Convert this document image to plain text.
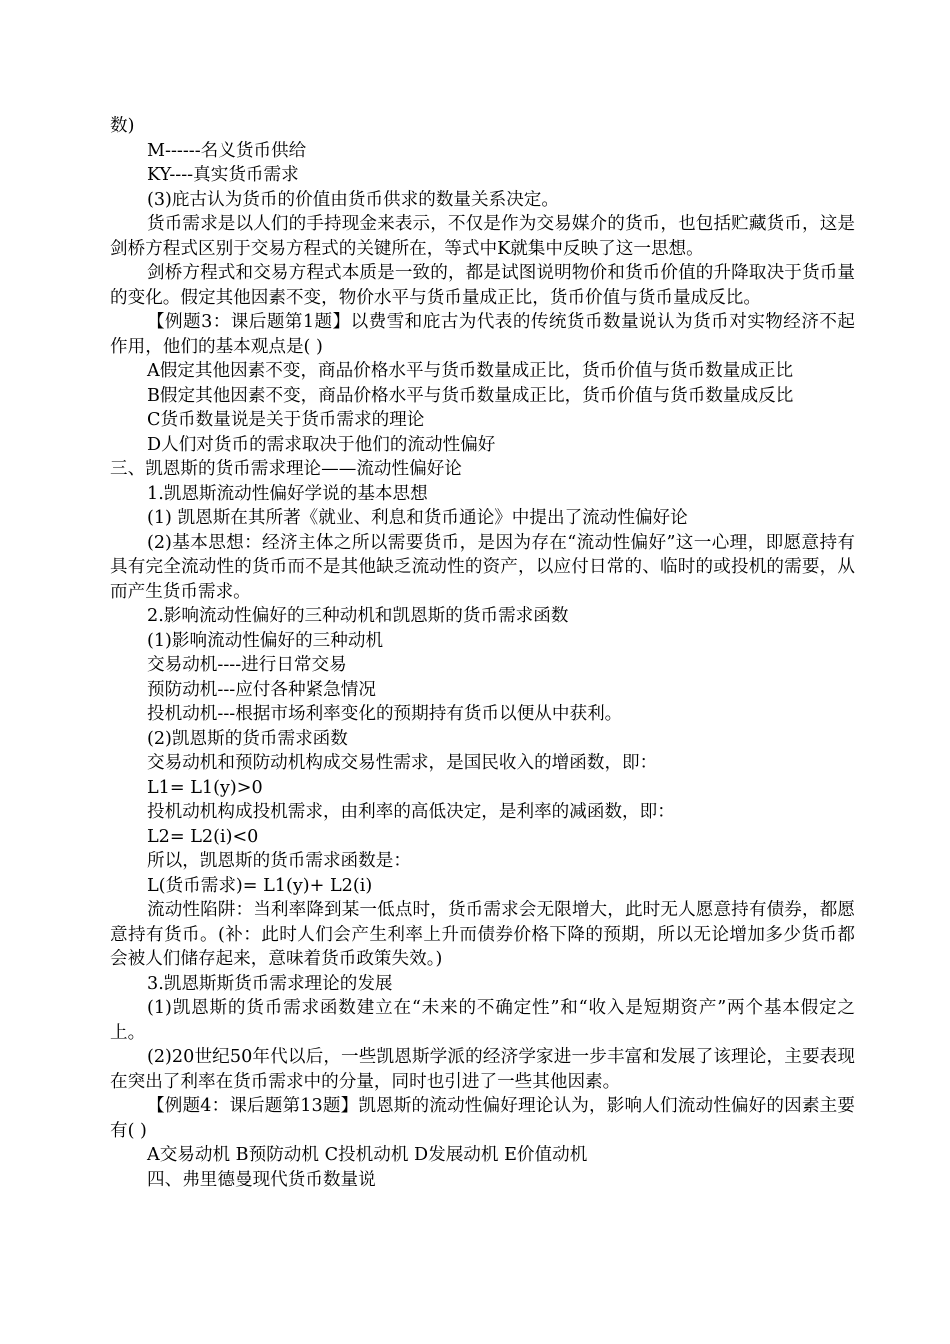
数)

M------名义货币供给

KY----真实货币需求

(3)庇古认为货币的价值由货币供求的数量关系决定。

货币需求是以人们的手持现金来表示，不仅是作为交易媒介的货币，也包括贮藏货币，这是剑桥方程式区别于交易方程式的关键所在，等式中K就集中反映了这一思想。

剑桥方程式和交易方程式本质是一致的，都是试图说明物价和货币价值的升降取决于货币量的变化。假定其他因素不变，物价水平与货币量成正比，货币价值与货币量成反比。

【例题3：课后题第1题】以费雪和庇古为代表的传统货币数量说认为货币对实物经济不起作用，他们的基本观点是( )

A假定其他因素不变，商品价格水平与货币数量成正比，货币价值与货币数量成正比

B假定其他因素不变，商品价格水平与货币数量成正比，货币价值与货币数量成反比

C货币数量说是关于货币需求的理论

D人们对货币的需求取决于他们的流动性偏好

三、凯恩斯的货币需求理论——流动性偏好论

1.凯恩斯流动性偏好学说的基本思想

(1) 凯恩斯在其所著《就业、利息和货币通论》中提出了流动性偏好论

(2)基本思想：经济主体之所以需要货币，是因为存在“流动性偏好”这一心理，即愿意持有具有完全流动性的货币而不是其他缺乏流动性的资产，以应付日常的、临时的或投机的需要，从而产生货币需求。

2.影响流动性偏好的三种动机和凯恩斯的货币需求函数

(1)影响流动性偏好的三种动机

交易动机----进行日常交易

预防动机---应付各种紧急情况

投机动机---根据市场利率变化的预期持有货币以便从中获利。

(2)凯恩斯的货币需求函数

交易动机和预防动机构成交易性需求，是国民收入的增函数，即：

L1= L1(y)>0

投机动机构成投机需求，由利率的高低决定，是利率的减函数，即：

L2= L2(i)<0

所以，凯恩斯的货币需求函数是：

L(货币需求)= L1(y)+ L2(i)

流动性陷阱：当利率降到某一低点时，货币需求会无限增大，此时无人愿意持有债券，都愿意持有货币。(补：此时人们会产生利率上升而债券价格下降的预期，所以无论增加多少货币都会被人们储存起来，意味着货币政策失效。)

3.凯恩斯斯货币需求理论的发展

(1)凯恩斯的货币需求函数建立在“未来的不确定性”和“收入是短期资产”两个基本假定之上。

(2)20世纪50年代以后，一些凯恩斯学派的经济学家进一步丰富和发展了该理论，主要表现在突出了利率在货币需求中的分量，同时也引进了一些其他因素。

【例题4：课后题第13题】凯恩斯的流动性偏好理论认为，影响人们流动性偏好的因素主要有( )

A交易动机 B预防动机 C投机动机 D发展动机 E价值动机

四、弗里德曼现代货币数量说
